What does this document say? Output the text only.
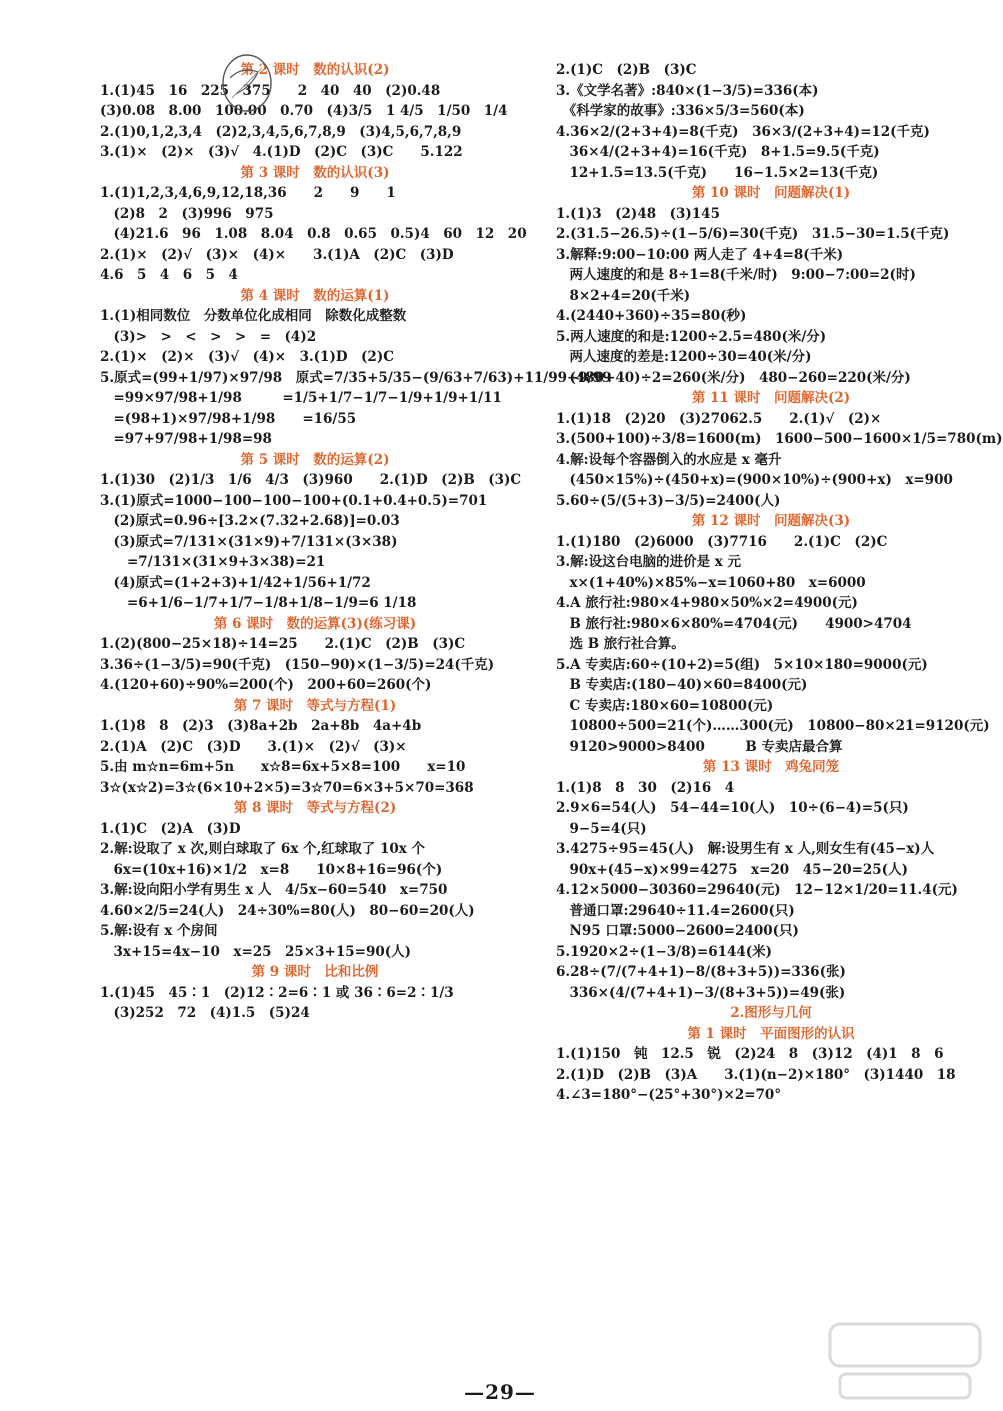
第 2 课时　数的认识(2)
1.(1)45　16　225　375　　2　40　40　(2)0.48
(3)0.08　8.00　100.00　0.70　(4)3/5　1 4/5　1/50　1/4
2.(1)0,1,2,3,4　(2)2,3,4,5,6,7,8,9　(3)4,5,6,7,8,9
3.(1)×　(2)×　(3)√　4.(1)D　(2)C　(3)C　　5.122
第 3 课时　数的认识(3)
1.(1)1,2,3,4,6,9,12,18,36　　2　　9　　1
　(2)8　2　(3)996　975
　(4)21.6　96　1.08　8.04　0.8　0.65　0.5)4　60　12　20
2.(1)×　(2)√　(3)×　(4)×　　3.(1)A　(2)C　(3)D
4.6　5　4　6　5　4
第 4 课时　数的运算(1)
1.(1)相同数位　分数单位化成相同　除数化成整数
　(3)>　>　<　>　>　=　(4)2
2.(1)×　(2)×　(3)√　(4)×　3.(1)D　(2)C
5.原式=(99+1/97)×97/98　原式=7/35+5/35−(9/63+7/63)+11/99+9/99
　=99×97/98+1/98　　　=1/5+1/7−1/7−1/9+1/9+1/11
　=(98+1)×97/98+1/98　　=16/55
　=97+97/98+1/98=98
第 5 课时　数的运算(2)
1.(1)30　(2)1/3　1/6　4/3　(3)960　　2.(1)D　(2)B　(3)C
3.(1)原式=1000−100−100−100+(0.1+0.4+0.5)=701
　(2)原式=0.96÷[3.2×(7.32+2.68)]=0.03
　(3)原式=7/131×(31×9)+7/131×(3×38)
　　=7/131×(31×9+3×38)=21
　(4)原式=(1+2+3)+1/42+1/56+1/72
　　=6+1/6−1/7+1/7−1/8+1/8−1/9=6 1/18
第 6 课时　数的运算(3)(练习课)
1.(2)(800−25×18)÷14=25　　2.(1)C　(2)B　(3)C
3.36÷(1−3/5)=90(千克)　(150−90)×(1−3/5)=24(千克)
4.(120+60)÷90%=200(个)　200+60=260(个)
第 7 课时　等式与方程(1)
1.(1)8　8　(2)3　(3)8a+2b　2a+8b　4a+4b
2.(1)A　(2)C　(3)D　　3.(1)×　(2)√　(3)×
5.由 m☆n=6m+5n　　x☆8=6x+5×8=100　　x=10
3☆(x☆2)=3☆(6×10+2×5)=3☆70=6×3+5×70=368
第 8 课时　等式与方程(2)
1.(1)C　(2)A　(3)D
2.解:设取了 x 次,则白球取了 6x 个,红球取了 10x 个
　6x=(10x+16)×1/2　x=8　　10×8+16=96(个)
3.解:设向阳小学有男生 x 人　4/5x−60=540　x=750
4.60×2/5=24(人)　24÷30%=80(人)　80−60=20(人)
5.解:设有 x 个房间
　3x+15=4x−10　x=25　25×3+15=90(人)
第 9 课时　比和比例
1.(1)45　45∶1　(2)12∶2=6∶1 或 36∶6=2∶1/3
　(3)252　72　(4)1.5　(5)24
2.(1)C　(2)B　(3)C
3.《文学名著》:840×(1−3/5)=336(本)
　《科学家的故事》:336×5/3=560(本)
4.36×2/(2+3+4)=8(千克)　36×3/(2+3+4)=12(千克)
　36×4/(2+3+4)=16(千克)　8+1.5=9.5(千克)
　12+1.5=13.5(千克)　　16−1.5×2=13(千克)
第 10 课时　问题解决(1)
1.(1)3　(2)48　(3)145
2.(31.5−26.5)÷(1−5/6)=30(千克)　31.5−30=1.5(千克)
3.解释:9:00−10:00 两人走了 4+4=8(千米)
　两人速度的和是 8÷1=8(千米/时)　9:00−7:00=2(时)
　8×2+4=20(千米)
4.(2440+360)÷35=80(秒)
5.两人速度的和是:1200÷2.5=480(米/分)
　两人速度的差是:1200÷30=40(米/分)
　(480+40)÷2=260(米/分)　480−260=220(米/分)
第 11 课时　问题解决(2)
1.(1)18　(2)20　(3)27062.5　　2.(1)√　(2)×
3.(500+100)÷3/8=1600(m)　1600−500−1600×1/5=780(m)
4.解:设每个容器倒入的水应是 x 毫升
　(450×15%)÷(450+x)=(900×10%)÷(900+x)　x=900
5.60÷(5/(5+3)−3/5)=2400(人)
第 12 课时　问题解决(3)
1.(1)180　(2)6000　(3)7716　　2.(1)C　(2)C
3.解:设这台电脑的进价是 x 元
　x×(1+40%)×85%−x=1060+80　x=6000
4.A 旅行社:980×4+980×50%×2=4900(元)
　B 旅行社:980×6×80%=4704(元)　　4900>4704
　选 B 旅行社合算。
5.A 专卖店:60÷(10+2)=5(组)　5×10×180=9000(元)
　B 专卖店:(180−40)×60=8400(元)
　C 专卖店:180×60=10800(元)
　10800÷500=21(个)……300(元)　10800−80×21=9120(元)
　9120>9000>8400　　　B 专卖店最合算
第 13 课时　鸡兔同笼
1.(1)8　8　30　(2)16　4
2.9×6=54(人)　54−44=10(人)　10÷(6−4)=5(只)
　9−5=4(只)
3.4275÷95=45(人)　解:设男生有 x 人,则女生有(45−x)人
　90x+(45−x)×99=4275　x=20　45−20=25(人)
4.12×5000−30360=29640(元)　12−12×1/20=11.4(元)
　普通口罩:29640÷11.4=2600(只)
　N95 口罩:5000−2600=2400(只)
5.1920×2÷(1−3/8)=6144(米)
6.28÷(7/(7+4+1)−8/(8+3+5))=336(张)
　336×(4/(7+4+1)−3/(8+3+5))=49(张)
2.图形与几何
第 1 课时　平面图形的认识
1.(1)150　钝　12.5　锐　(2)24　8　(3)12　(4)1　8　6
2.(1)D　(2)B　(3)A　　3.(1)(n−2)×180°　(3)1440　18
4.∠3=180°−(25°+30°)×2=70°
—29—
